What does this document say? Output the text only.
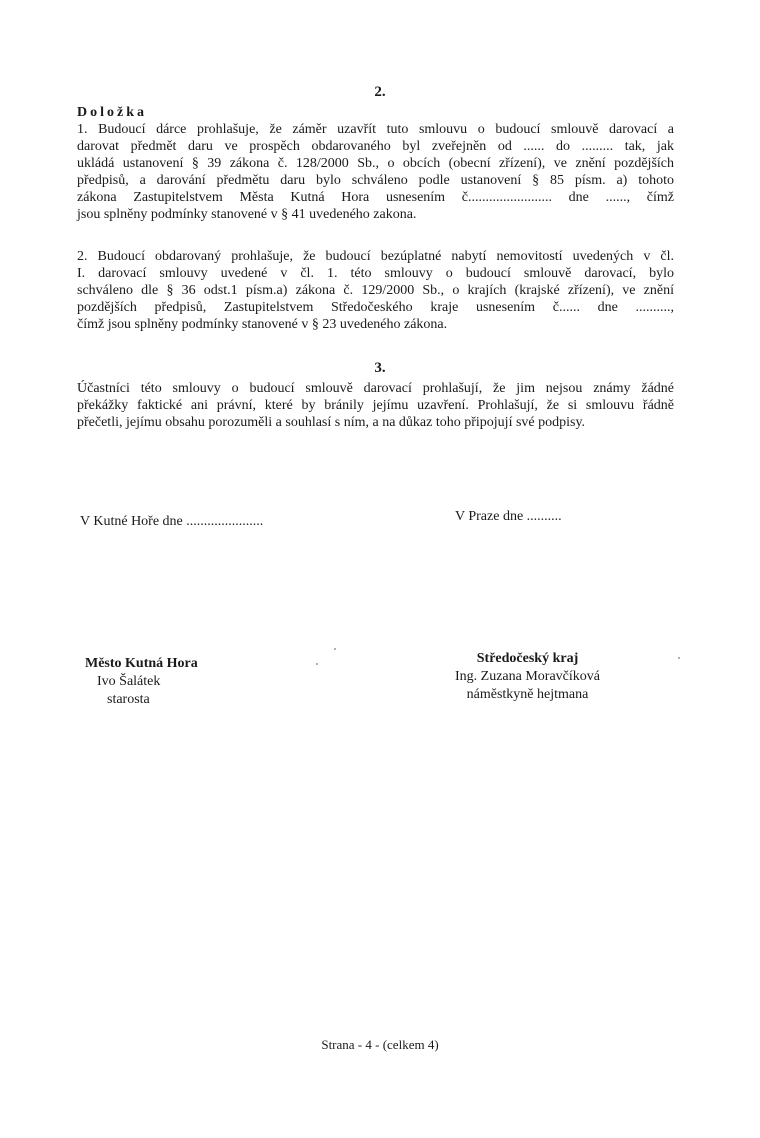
2.
Doložka
1. Budoucí dárce prohlašuje, že záměr uzavřít tuto smlouvu o budoucí smlouvě darovací a
darovat předmět daru ve prospěch obdarovaného byl zveřejněn od ...... do ......... tak, jak
ukládá ustanovení § 39 zákona č. 128/2000 Sb., o obcích (obecní zřízení), ve znění pozdějších
předpisů, a darování předmětu daru bylo schváleno podle ustanovení § 85 písm. a) tohoto
zákona Zastupitelstvem Města Kutná Hora usnesením č........................ dne ......, čímž
jsou splněny podmínky stanovené v § 41 uvedeného zakona.
2. Budoucí obdarovaný prohlašuje, že budoucí bezúplatné nabytí nemovitostí uvedených v čl.
I. darovací smlouvy uvedené v čl. 1. této smlouvy o budoucí smlouvě darovací, bylo
schváleno dle § 36 odst.1 písm.a) zákona č. 129/2000 Sb., o krajích (krajské zřízení), ve znění
pozdějších předpisů, Zastupitelstvem Středočeského kraje usnesením č...... dne ..........,
čímž jsou splněny podmínky stanovené v § 23 uvedeného zákona.
3.
Účastníci této smlouvy o budoucí smlouvě darovací prohlašují, že jim nejsou známy žádné
překážky faktické ani právní, které by bránily jejímu uzavření. Prohlašují, že si smlouvu řádně
přečetli, jejímu obsahu porozuměli a souhlasí s ním, a na důkaz toho připojují své podpisy.
V Kutné Hoře dne ......................	V Praze dne ..........
Město Kutná Hora
Ivo Šalátek
starosta
Středočeský kraj
Ing. Zuzana Moravčíková
náměstkyně hejtmana
Strana - 4 - (celkem 4)
